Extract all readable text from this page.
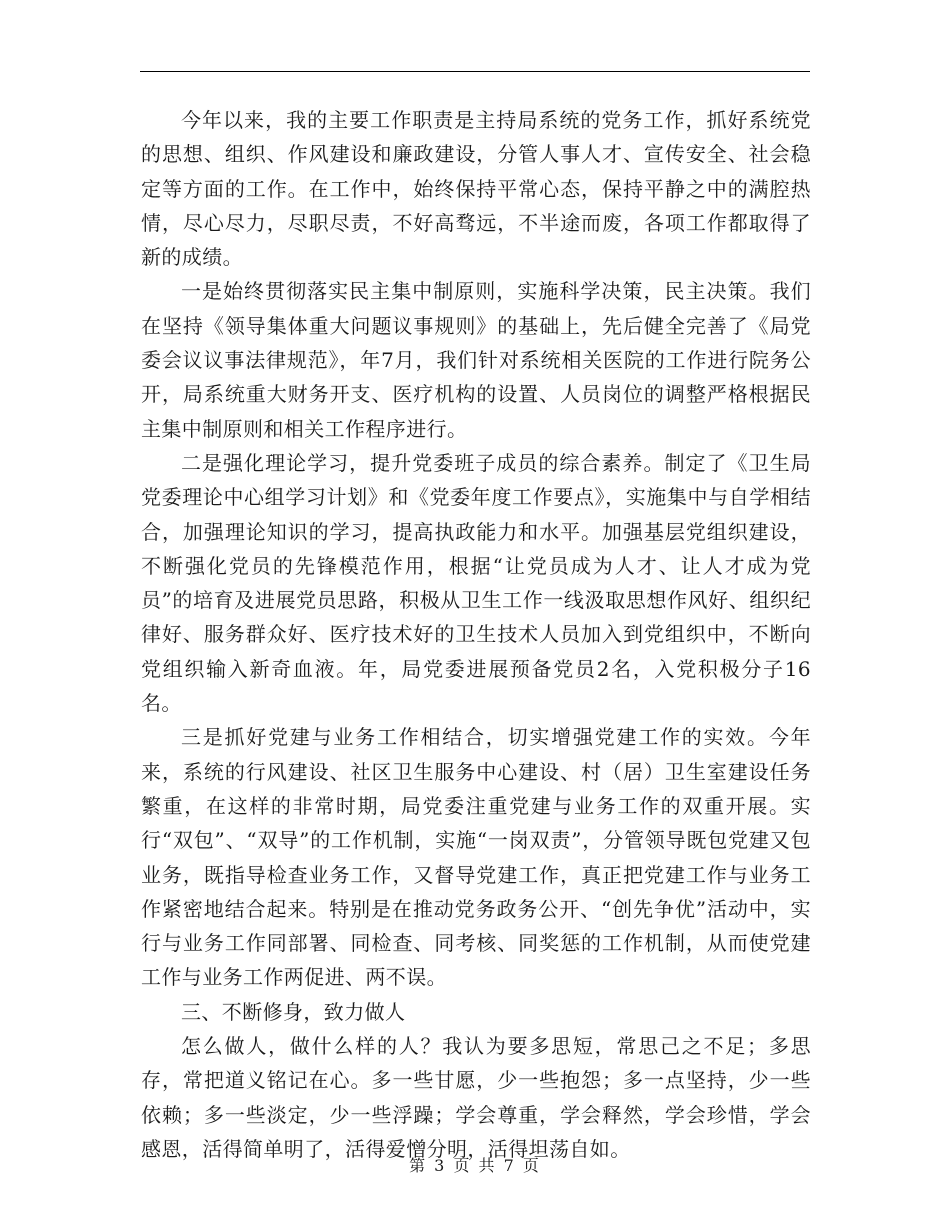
今年以来，我的主要工作职责是主持局系统的党务工作，抓好系统党的思想、组织、作风建设和廉政建设，分管人事人才、宣传安全、社会稳定等方面的工作。在工作中，始终保持平常心态，保持平静之中的满腔热情，尽心尽力，尽职尽责，不好高骛远，不半途而废，各项工作都取得了新的成绩。

一是始终贯彻落实民主集中制原则，实施科学决策，民主决策。我们在坚持《领导集体重大问题议事规则》的基础上，先后健全完善了《局党委会议议事法律规范》，年7月，我们针对系统相关医院的工作进行院务公开，局系统重大财务开支、医疗机构的设置、人员岗位的调整严格根据民主集中制原则和相关工作程序进行。

二是强化理论学习，提升党委班子成员的综合素养。制定了《卫生局党委理论中心组学习计划》和《党委年度工作要点》，实施集中与自学相结合，加强理论知识的学习，提高执政能力和水平。加强基层党组织建设，不断强化党员的先锋模范作用，根据“让党员成为人才、让人才成为党员”的培育及进展党员思路，积极从卫生工作一线汲取思想作风好、组织纪律好、服务群众好、医疗技术好的卫生技术人员加入到党组织中，不断向党组织输入新奇血液。年，局党委进展预备党员2名，入党积极分子16名。

三是抓好党建与业务工作相结合，切实增强党建工作的实效。今年来，系统的行风建设、社区卫生服务中心建设、村（居）卫生室建设任务繁重，在这样的非常时期，局党委注重党建与业务工作的双重开展。实行“双包”、“双导”的工作机制，实施“一岗双责”，分管领导既包党建又包业务，既指导检查业务工作，又督导党建工作，真正把党建工作与业务工作紧密地结合起来。特别是在推动党务政务公开、“创先争优”活动中，实行与业务工作同部署、同检查、同考核、同奖惩的工作机制，从而使党建工作与业务工作两促进、两不误。

三、不断修身，致力做人

怎么做人，做什么样的人？我认为要多思短，常思己之不足；多思存，常把道义铭记在心。多一些甘愿，少一些抱怨；多一点坚持，少一些依赖；多一些淡定，少一些浮躁；学会尊重，学会释然，学会珍惜，学会感恩，活得简单明了，活得爱憎分明，活得坦荡自如。

第 3 页 共 7 页
